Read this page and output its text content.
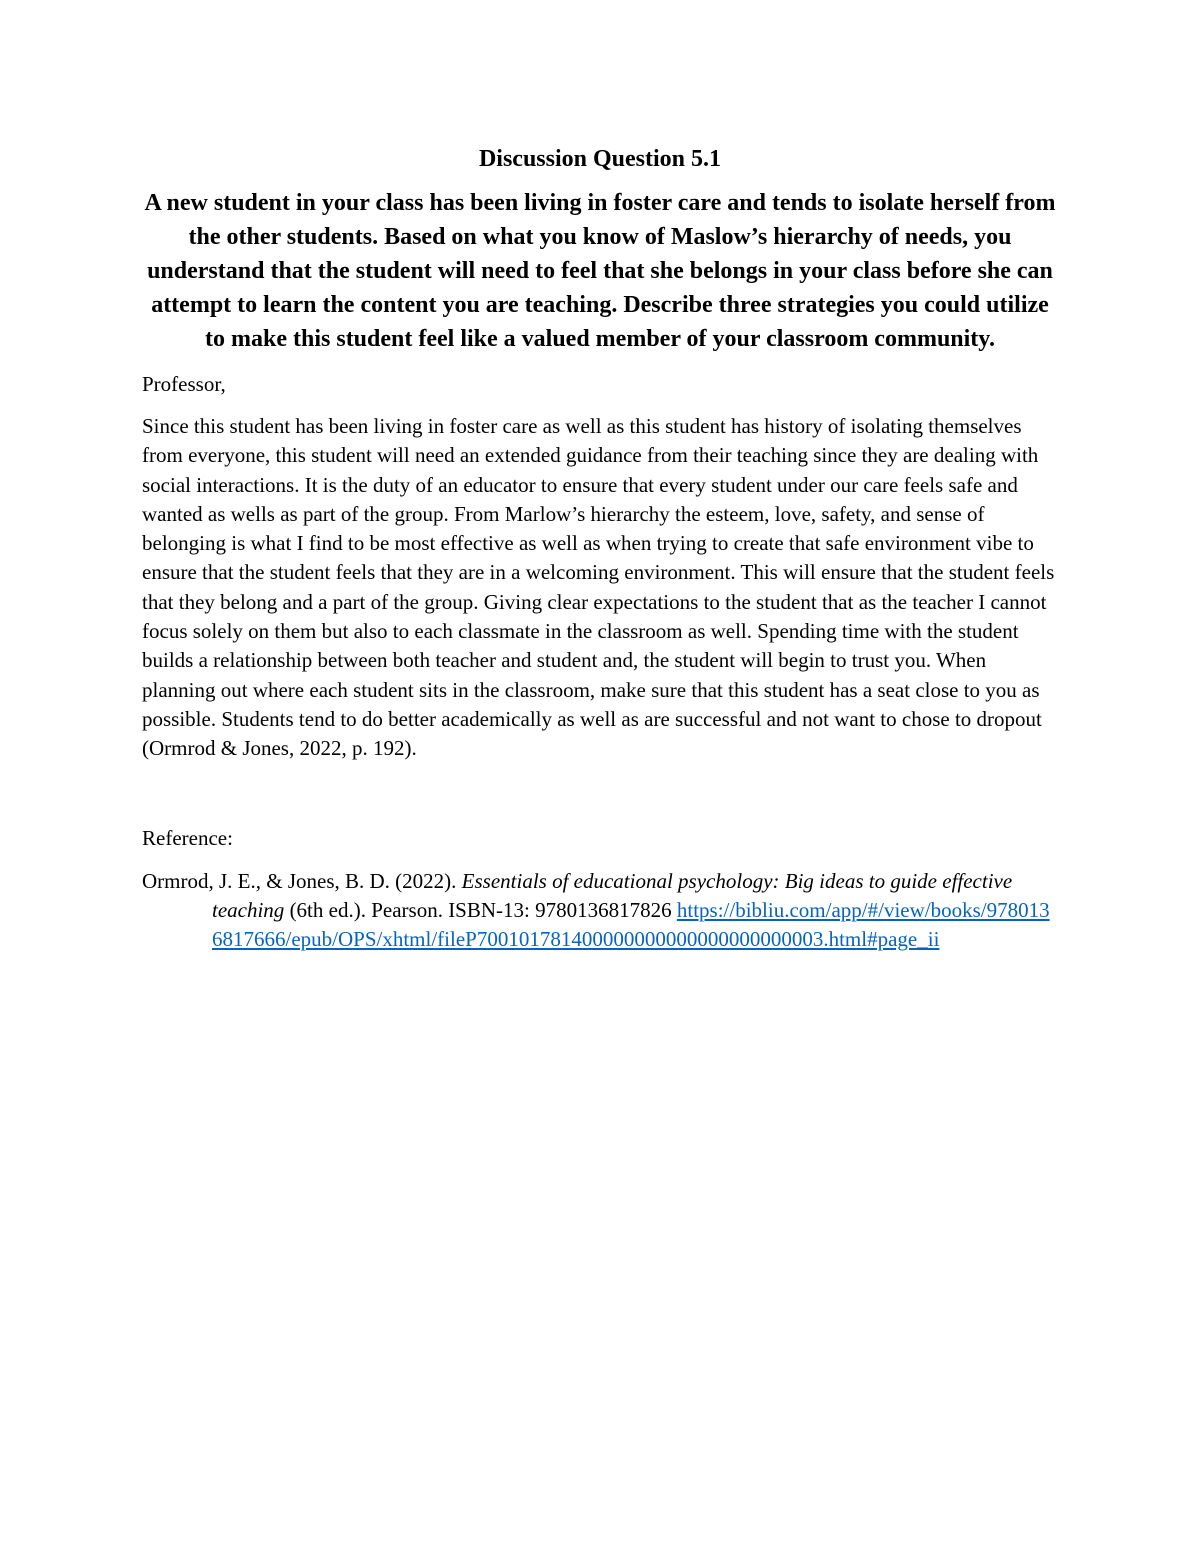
Discussion Question 5.1

A new student in your class has been living in foster care and tends to isolate herself from the other students. Based on what you know of Maslow’s hierarchy of needs, you understand that the student will need to feel that she belongs in your class before she can attempt to learn the content you are teaching. Describe three strategies you could utilize to make this student feel like a valued member of your classroom community.

Professor,

Since this student has been living in foster care as well as this student has history of isolating themselves from everyone, this student will need an extended guidance from their teaching since they are dealing with social interactions. It is the duty of an educator to ensure that every student under our care feels safe and wanted as wells as part of the group. From Marlow’s hierarchy the esteem, love, safety, and sense of belonging is what I find to be most effective as well as when trying to create that safe environment vibe to ensure that the student feels that they are in a welcoming environment. This will ensure that the student feels that they belong and a part of the group. Giving clear expectations to the student that as the teacher I cannot focus solely on them but also to each classmate in the classroom as well. Spending time with the student builds a relationship between both teacher and student and, the student will begin to trust you. When planning out where each student sits in the classroom, make sure that this student has a seat close to you as possible. Students tend to do better academically as well as are successful and not want to chose to dropout (Ormrod & Jones, 2022, p. 192).

Reference:

Ormrod, J. E., & Jones, B. D. (2022). Essentials of educational psychology: Big ideas to guide effective teaching (6th ed.). Pearson. ISBN-13: 9780136817826 https://bibliu.com/app/#/view/books/9780136817666/epub/OPS/xhtml/fileP700101781400000000000000000000003.html#page_ii
